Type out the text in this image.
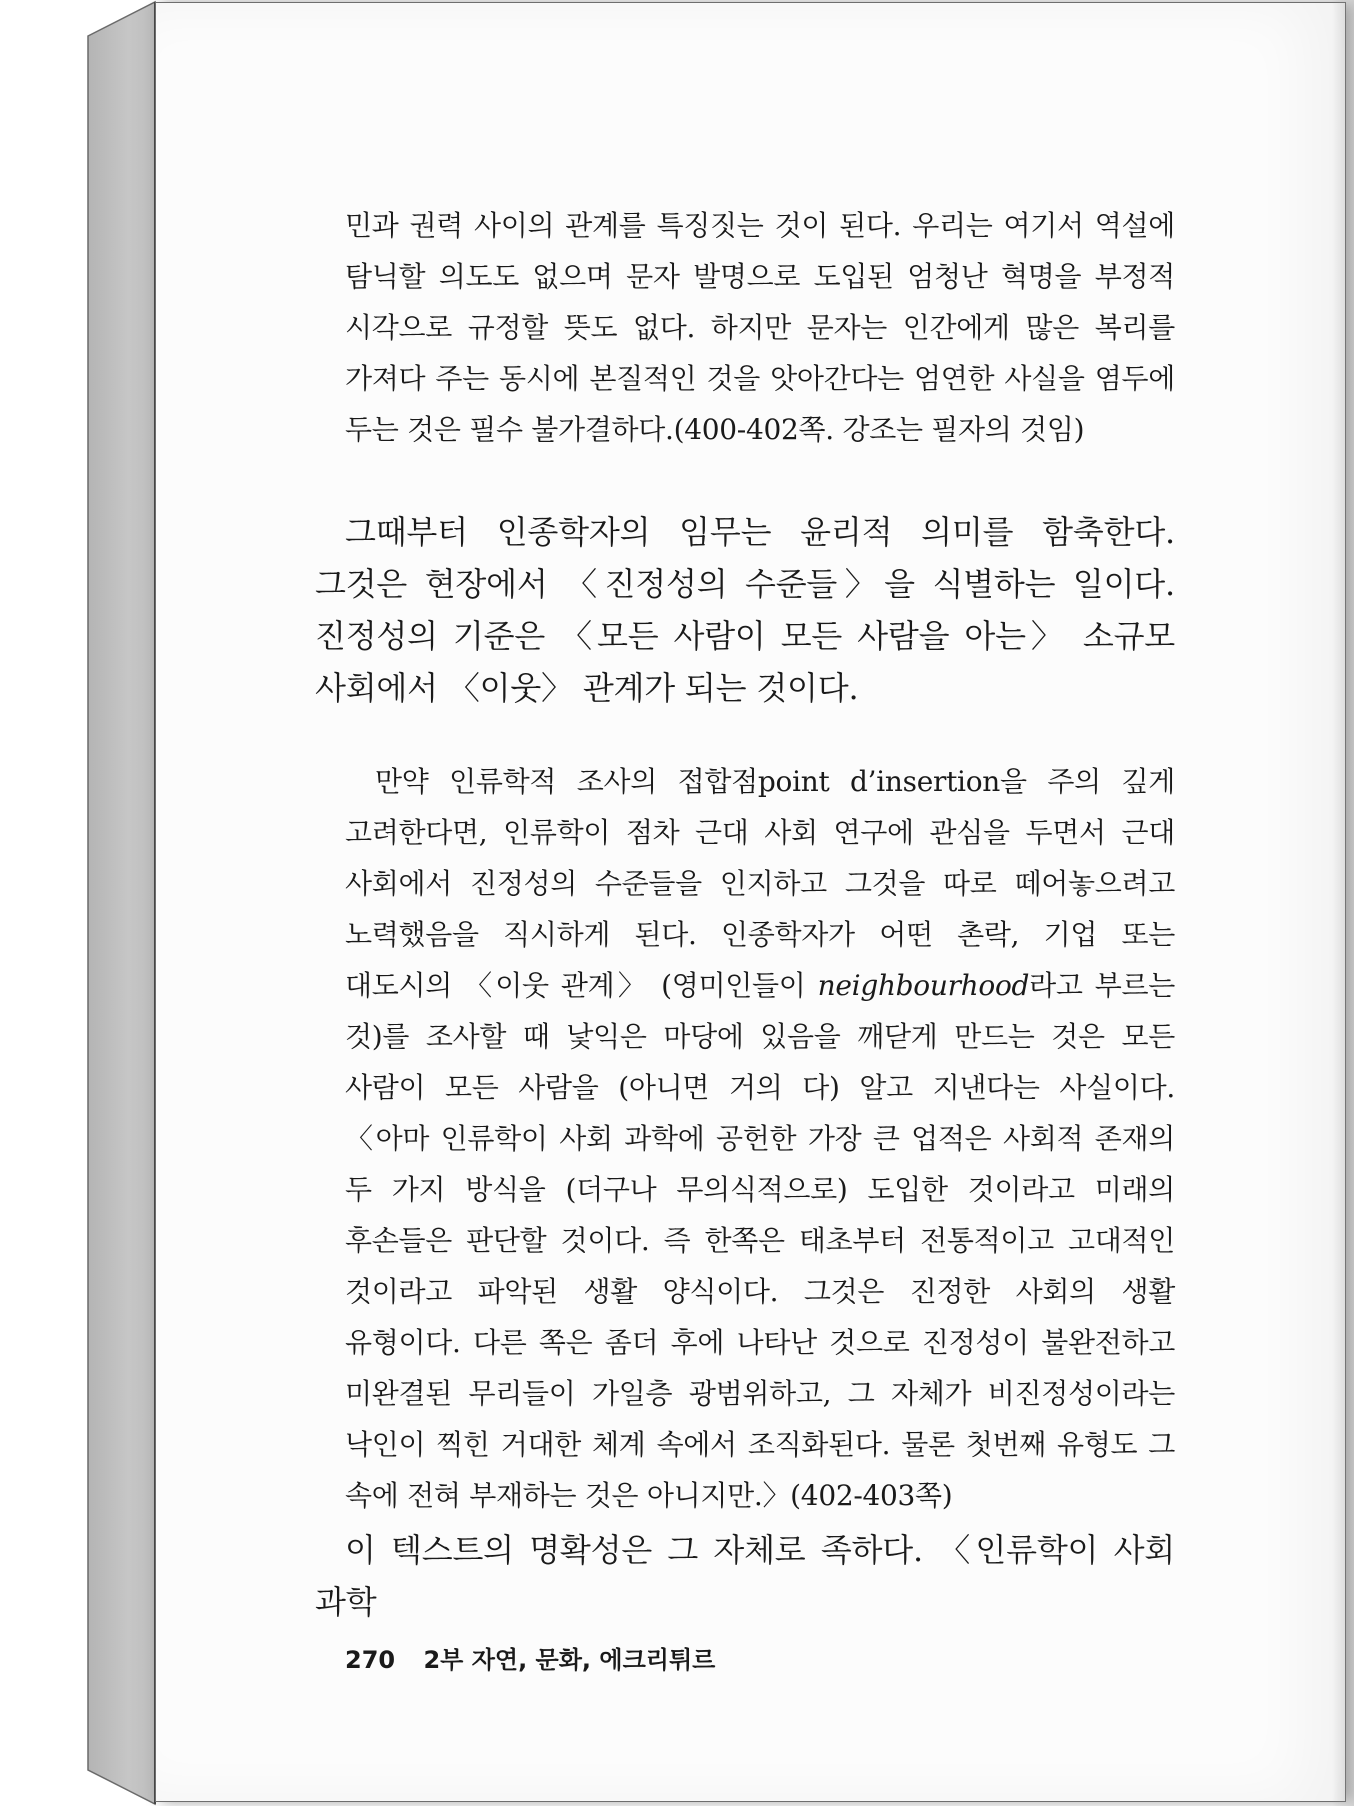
민과 권력 사이의 관계를 특징짓는 것이 된다. 우리는 여기서 역설에 탐닉할 의도도 없으며 문자 발명으로 도입된 엄청난 혁명을 부정적 시각으로 규정할 뜻도 없다. 하지만 문자는 인간에게 많은 복리를 가져다 주는 동시에 본질적인 것을 앗아간다는 엄연한 사실을 염두에 두는 것은 필수 불가결하다.(400-402쪽. 강조는 필자의 것임)

그때부터 인종학자의 임무는 윤리적 의미를 함축한다. 그것은 현장에서 〈진정성의 수준들〉을 식별하는 일이다. 진정성의 기준은 〈모든 사람이 모든 사람을 아는〉 소규모 사회에서 〈이웃〉 관계가 되는 것이다.

만약 인류학적 조사의 접합점point d’insertion을 주의 깊게 고려한다면, 인류학이 점차 근대 사회 연구에 관심을 두면서 근대 사회에서 진정성의 수준들을 인지하고 그것을 따로 떼어놓으려고 노력했음을 직시하게 된다. 인종학자가 어떤 촌락, 기업 또는 대도시의 〈이웃 관계〉 (영미인들이 neighbourhood라고 부르는 것)를 조사할 때 낯익은 마당에 있음을 깨닫게 만드는 것은 모든 사람이 모든 사람을 (아니면 거의 다) 알고 지낸다는 사실이다. 〈아마 인류학이 사회 과학에 공헌한 가장 큰 업적은 사회적 존재의 두 가지 방식을 (더구나 무의식적으로) 도입한 것이라고 미래의 후손들은 판단할 것이다. 즉 한쪽은 태초부터 전통적이고 고대적인 것이라고 파악된 생활 양식이다. 그것은 진정한 사회의 생활 유형이다. 다른 쪽은 좀더 후에 나타난 것으로 진정성이 불완전하고 미완결된 무리들이 가일층 광범위하고, 그 자체가 비진정성이라는 낙인이 찍힌 거대한 체계 속에서 조직화된다. 물론 첫번째 유형도 그 속에 전혀 부재하는 것은 아니지만.〉(402-403쪽)

이 텍스트의 명확성은 그 자체로 족하다. 〈인류학이 사회 과학

270 2부 자연, 문화, 에크리튀르
